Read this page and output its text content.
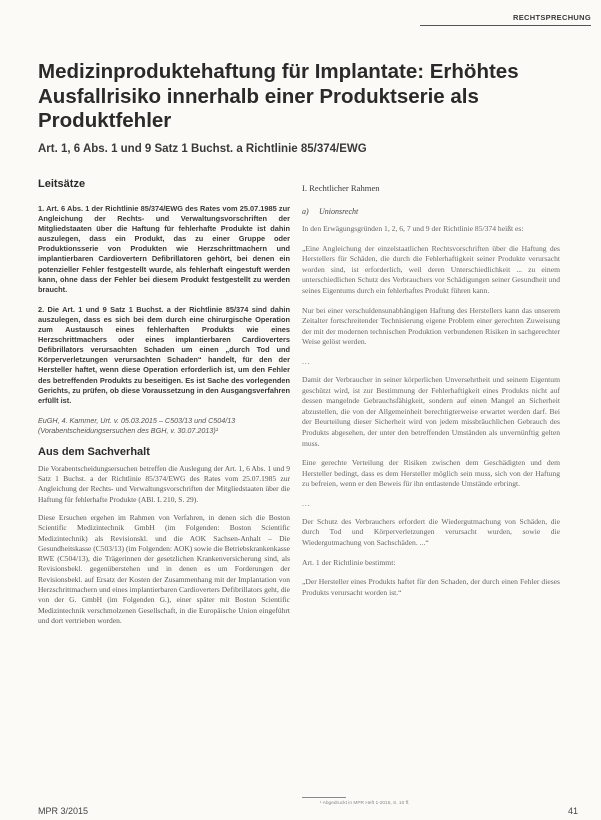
RECHTSPRECHUNG
Medizinproduktehaftung für Implantate: Erhöhtes Ausfallrisiko innerhalb einer Produktserie als Produktfehler
Art. 1, 6 Abs. 1 und 9 Satz 1 Buchst. a Richtlinie 85/374/EWG
Leitsätze

1. Art. 6 Abs. 1 der Richtlinie 85/374/EWG des Rates vom 25.07.1985 zur Angleichung der Rechts- und Verwaltungsvorschriften der Mitgliedstaaten über die Haftung für fehlerhafte Produkte ist dahin auszulegen, dass ein Produkt, das zu einer Gruppe oder Produktionsserie von Produkten wie Herzschrittmachern und implantierbaren Cardiovertern Defibrillatoren gehört, bei denen ein potenzieller Fehler festgestellt wurde, als fehlerhaft eingestuft werden kann, ohne dass der Fehler bei diesem Produkt festgestellt zu werden braucht.

2. Die Art. 1 und 9 Satz 1 Buchst. a der Richtlinie 85/374 sind dahin auszulegen, dass es sich bei dem durch eine chirurgische Operation zum Austausch eines fehlerhaften Produkts wie eines Herzschrittmachers oder eines implantierbaren Cardioverters Defibrillators verursachten Schaden um einen „durch Tod und Körperverletzungen verursachten Schaden“ handelt, für den der Hersteller haftet, wenn diese Operation erforderlich ist, um den Fehler des betreffenden Produkts zu beseitigen. Es ist Sache des vorlegenden Gerichts, zu prüfen, ob diese Voraussetzung in den Ausgangsverfahren erfüllt ist.

EuGH, 4. Kammer, Urt. v. 05.03.2015 – C503/13 und C504/13 (Vorabentscheidungsersuchen des BGH, v. 30.07.2013)¹

Aus dem Sachverhalt

Die Vorabentscheidungsersuchen betreffen die Auslegung der Art. 1, 6 Abs. 1 und 9 Satz 1 Buchst. a der Richtlinie 85/374/EWG des Rates vom 25.07.1985 zur Angleichung der Rechts- und Verwaltungsvorschriften der Mitgliedstaaten über die Haftung für fehlerhafte Produkte (ABl. L 210, S. 29).

Diese Ersuchen ergehen im Rahmen von Verfahren, in denen sich die Boston Scientific Medizintechnik GmbH (im Folgenden: Boston Scientific Medizintechnik) als Revisionskl. und die AOK Sachsen-Anhalt – Die Gesundheitskasse (C503/13) (im Folgenden: AOK) sowie die Betriebskrankenkasse RWE (C504/13), die Trägerinnen der gesetzlichen Krankenversicherung sind, als Revisionsbekl. gegenüberstehen und in denen es um Forderungen der Revisionsbekl. auf Ersatz der Kosten der Zusammenhang mit der Implantation von Herzschrittmachern und eines implantierbaren Cardioverters Defibrillators geht, die von der G. GmbH (im Folgenden G.), einer später mit Boston Scientific Medizintechnik verschmolzenen Gesellschaft, in die Europäische Union eingeführt und dort vertrieben worden.

I. Rechtlicher Rahmen
a) Unionsrecht

In den Erwägungsgründen 1, 2, 6, 7 und 9 der Richtlinie 85/374 heißt es:

„Eine Angleichung der einzelstaatlichen Rechtsvorschriften über die Haftung des Herstellers für Schäden, die durch die Fehlerhaftigkeit seiner Produkte verursacht worden sind, ist erforderlich, weil deren Unterschiedlichkeit ... zu einem unterschiedlichen Schutz des Verbrauchers vor Schädigungen seiner Gesundheit und seines Eigentums durch ein fehlerhaftes Produkt führen kann.

Nur bei einer verschuldensunabhängigen Haftung des Herstellers kann das unserem Zeitalter fortschreitender Technisierung eigene Problem einer gerechten Zuweisung der mit der modernen technischen Produktion verbundenen Risiken in sachgerechter Weise gelöst werden.

...

Damit der Verbraucher in seiner körperlichen Unversehrtheit und seinem Eigentum geschützt wird, ist zur Bestimmung der Fehlerhaftigkeit eines Produkts nicht auf dessen mangelnde Gebrauchsfähigkeit, sondern auf einen Mangel an Sicherheit abzustellen, die von der Allgemeinheit berechtigterweise erwartet werden darf. Bei der Beurteilung dieser Sicherheit wird von jedem missbräuchlichen Gebrauch des Produkts abgesehen, der unter den betreffenden Umständen als unvernünftig gelten muss.

Eine gerechte Verteilung der Risiken zwischen dem Geschädigten und dem Hersteller bedingt, dass es dem Hersteller möglich sein muss, sich von der Haftung zu befreien, wenn er den Beweis für ihn entlastende Umstände erbringt.

...

Der Schutz des Verbrauchers erfordert die Wiedergutmachung von Schäden, die durch Tod und Körperverletzungen verursacht wurden, sowie die Wiedergutmachung von Sachschäden. ...“

Art. 1 der Richtlinie bestimmt:

„Der Hersteller eines Produkts haftet für den Schaden, der durch einen Fehler dieses Produkts verursacht worden ist.“

¹ Abgedruckt in MPR Heft 1-2015, S. 10 ff.
MPR 3/2015	41
